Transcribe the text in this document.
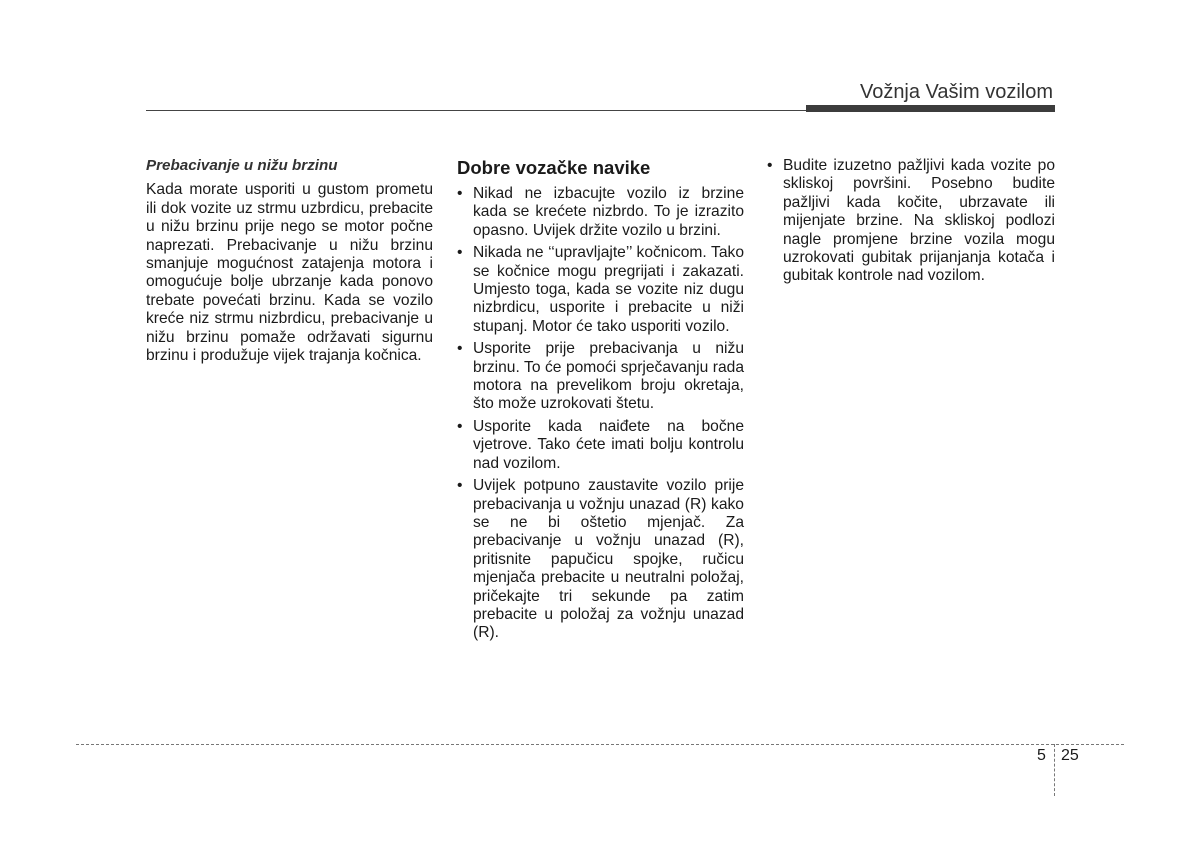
Vožnja Vašim vozilom

Prebacivanje u nižu brzinu

Kada morate usporiti u gustom prometu ili dok vozite uz strmu uzbrdicu, prebacite u nižu brzinu prije nego se motor počne naprezati. Prebacivanje u nižu brzinu smanjuje mogućnost zatajenja motora i omogućuje bolje ubrzanje kada ponovo trebate povećati brzinu. Kada se vozilo kreće niz strmu nizbrdicu, prebacivanje u nižu brzinu pomaže održavati sigurnu brzinu i produžuje vijek trajanja kočnica.

Dobre vozačke navike
• Nikad ne izbacujte vozilo iz brzine kada se krećete nizbrdo. To je izrazito opasno. Uvijek držite vozilo u brzini.
• Nikada ne ‘‘upravljajte’’ kočnicom. Tako se kočnice mogu pregrijati i zakazati. Umjesto toga, kada se vozite niz dugu nizbrdicu, usporite i prebacite u niži stupanj. Motor će tako usporiti vozilo.
• Usporite prije prebacivanja u nižu brzinu. To će pomoći sprječavanju rada motora na prevelikom broju okretaja, što može uzrokovati štetu.
• Usporite kada naiđete na bočne vjetrove. Tako ćete imati bolju kontrolu nad vozilom.
• Uvijek potpuno zaustavite vozilo prije prebacivanja u vožnju unazad (R) kako se ne bi oštetio mjenjač. Za prebacivanje u vožnju unazad (R), pritisnite papučicu spojke, ručicu mjenjača prebacite u neutralni položaj, pričekajte tri sekunde pa zatim prebacite u položaj za vožnju unazad (R).
• Budite izuzetno pažljivi kada vozite po skliskoj površini. Posebno budite pažljivi kada kočite, ubrzavate ili mijenjate brzine. Na skliskoj podlozi nagle promjene brzine vozila mogu uzrokovati gubitak prijanjanja kotača i gubitak kontrole nad vozilom.
5 25
